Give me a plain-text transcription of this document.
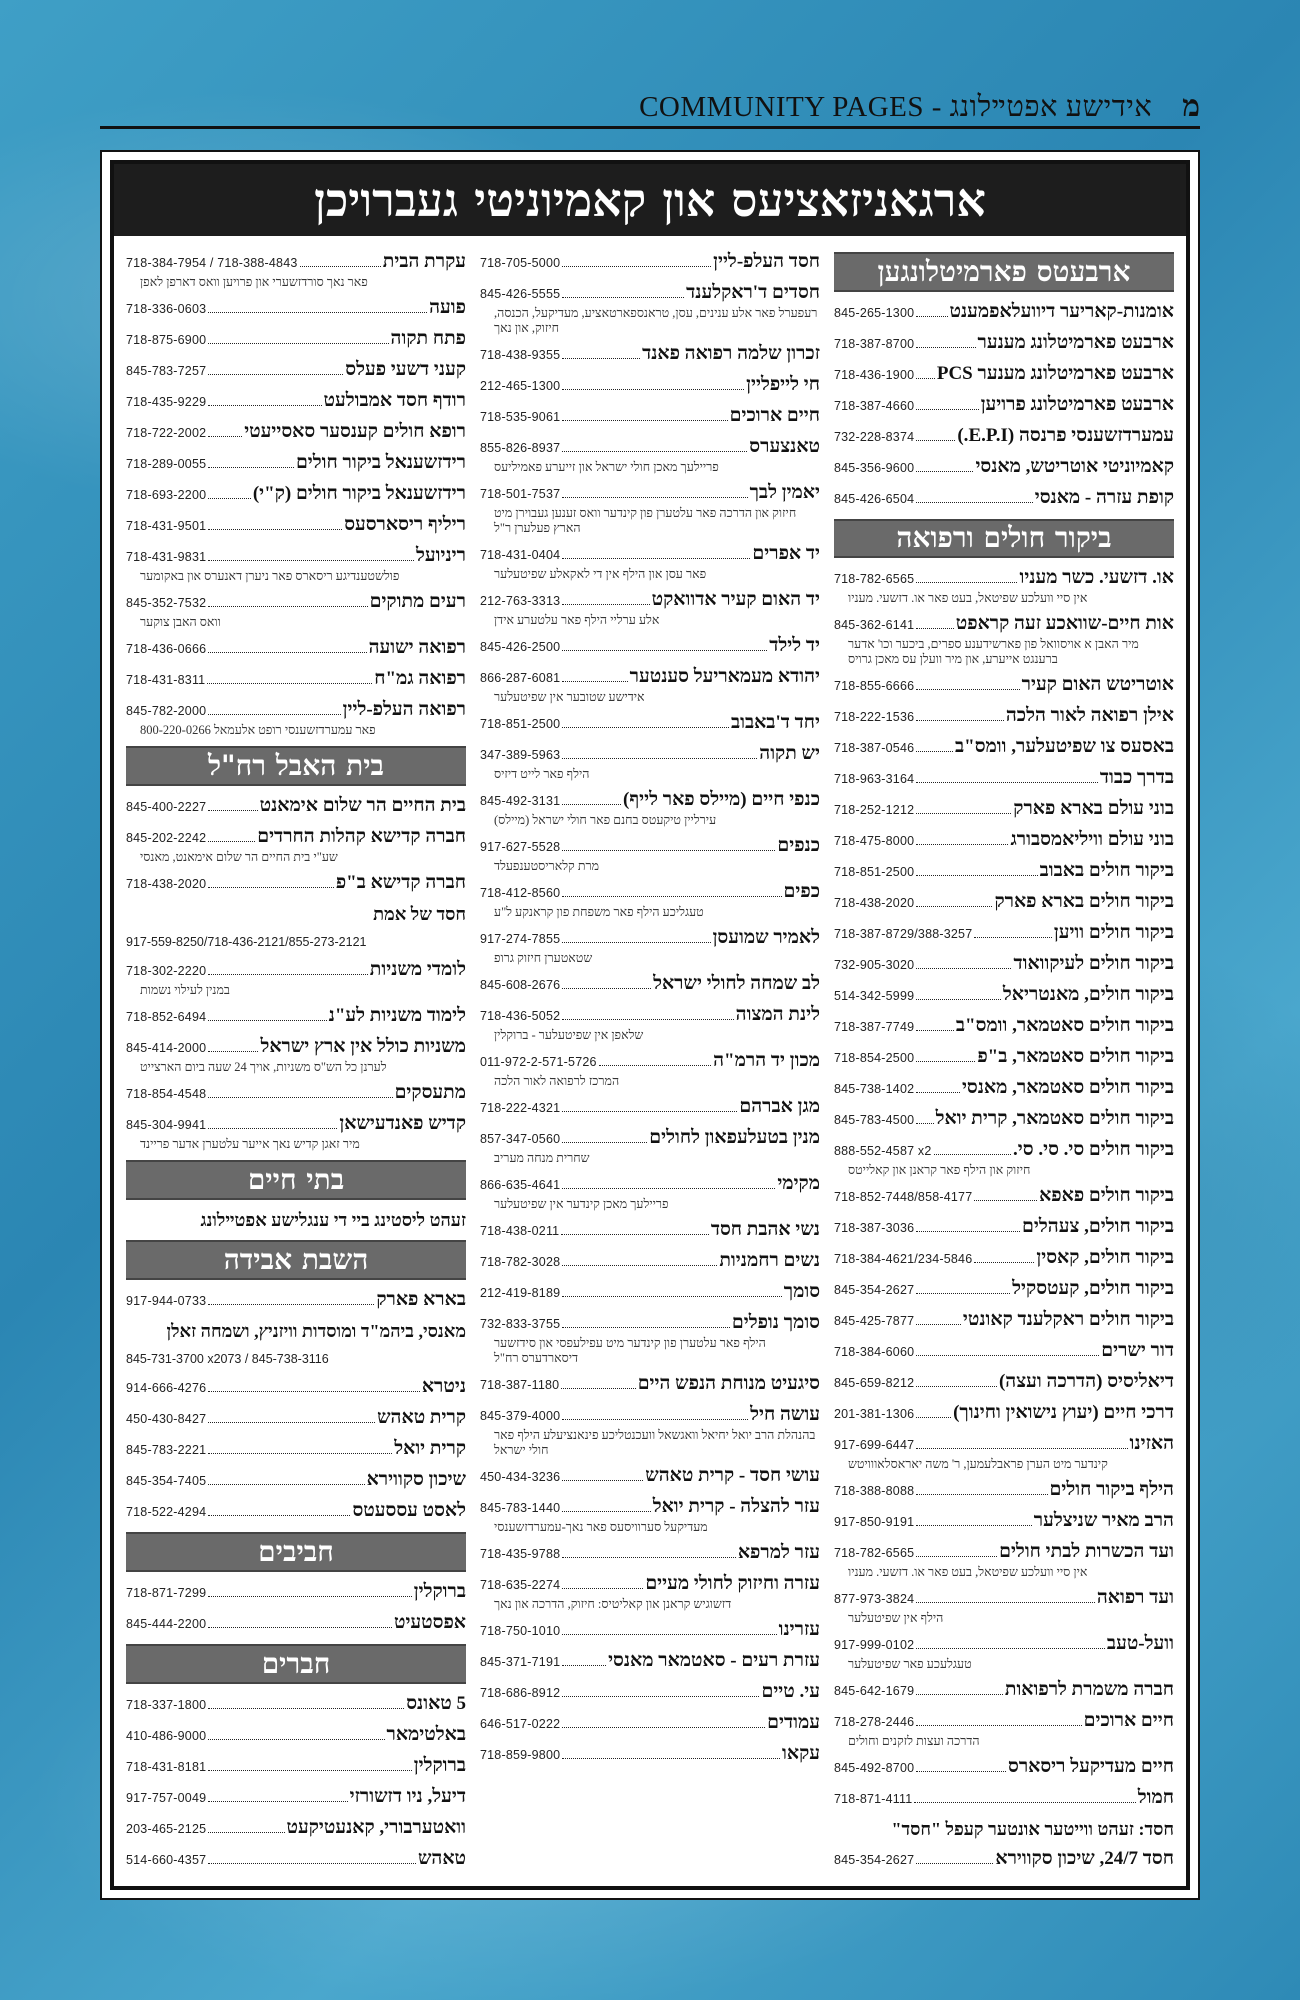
COMMUNITY PAGES - אידישע אפטײלונג מ
ארגאניזאציעס און קאמיוניטי געברויכן
ארבעטס פארמיטלונגען
אומנות-קאריער דיוועלאפמענט
845-265-1300
ארבעט פארמיטלונג מענער
718-387-8700
ארבעט פארמיטלונג מענער PCS
718-436-1900
ארבעט פארמיטלונג פרויען
718-387-4660
עמערדזשענסי פרנסה (E.P.I.)
732-228-8374
קאמיוניטי אוטריטש, מאנסי
845-356-9600
קופת עזרה - מאנסי
845-426-6504
ביקור חולים ורפואה
או. דזשעי. כשר מעניו
718-782-6565
אין סיי וועלכע שפיטאל, בעט פאר או. דזשעי. מעניו
אות חיים-שוואכע זעה קראפט
845-362-6141
מיר האבן א אויסוואל פון פארשידענע ספרים, ביכער וכו' אדער ברענגט אייערע, און מיר וועלן עס מאכן גרויס
אוטריטש האום קעיר
718-855-6666
אילן רפואה לאור הלכה
718-222-1536
באסעס צו שפיטעלער, וומס"ב
718-387-0546
בדרך כבוד
718-963-3164
בוני עולם בארא פארק
718-252-1212
בוני עולם וויליאמסבורג
718-475-8000
ביקור חולים באבוב
718-851-2500
ביקור חולים בארא פארק
718-438-2020
ביקור חולים וויען
718-387-8729/388-3257
ביקור חולים לעיקוואוד
732-905-3020
ביקור חולים, מאנטריאל
514-342-5999
ביקור חולים סאטמאר, וומס"ב
718-387-7749
ביקור חולים סאטמאר, ב"פ
718-854-2500
ביקור חולים סאטמאר, מאנסי
845-738-1402
ביקור חולים סאטמאר, קרית יואל
845-783-4500
ביקור חולים סי. סי. סי.
888-552-4587 x2
חיזוק און הילף פאר קראנן און קאלייטס
ביקור חולים פאפא
718-852-7448/858-4177
ביקור חולים, צעהלים
718-387-3036
ביקור חולים, קאסין
718-384-4621/234-5846
ביקור חולים, קעטסקיל
845-354-2627
ביקור חולים ראקלענד קאונטי
845-425-7877
דור ישרים
718-384-6060
דיאליסיס (הדרכה ועצה)
845-659-8212
דרכי חיים (יעוץ נישואין וחינוך)
201-381-1306
האזינו
917-699-6447
קינדער מיט הערן פראבלעמען, ר' משה יאראסלאווויטש
הילף ביקור חולים
718-388-8088
הרב מאיר שניצלער
917-850-9191
ועד הכשרות לבתי חולים
718-782-6565
אין סיי וועלכע שפיטאל, בעט פאר או. דזשעי. מעניו
ועד רפואה
877-973-3824
הילף אין שפיטעלער
וועל-טעב
917-999-0102
טעגלעכע פאר שפיטעלער
חברה משמרת לרפואות
845-642-1679
חיים ארוכים
718-278-2446
הדרכה ועצות לזקנים וחולים
חיים מעדיקעל ריסארס
845-492-8700
חמול
718-871-4111
חסד: זעהט ווייטער אונטער קעפל "חסד"
חסד 24/7, שיכון סקווירא
845-354-2627
חסד העלפ-ליין
718-705-5000
חסדים ד'ראקלענד
845-426-5555
רעפערל פאר אלע ענינים, עסן, טראנספארטאציע, מעדיקעל, הכנסה, חיזוק, און נאך
זכרון שלמה רפואה פאנד
718-438-9355
חי לייפליין
212-465-1300
חיים ארוכים
718-535-9061
טאנצערס
855-826-8937
פריילעך מאכן חולי ישראל און זייערע פאמיליעס
יאמין לבך
718-501-7537
חיזוק און הדרכה פאר עלטערן פון קינדער וואס זענען געבוירן מיט הארץ פעלערן ר"ל
יד אפרים
718-431-0404
פאר עסן און הילף אין די לאקאלע שפיטעלער
יד האום קעיר אדוואקט
212-763-3313
אלע ערליי הילף פאר עלטערע אידן
יד לילד
845-426-2500
יהודא מעמאריעל סענטער
866-287-6081
אידישע שטובער אין שפיטעלער
יחד ד'באבוב
718-851-2500
יש תקוה
347-389-5963
הילף פאר לייט דיזיס
כנפי חיים (מיילס פאר לייף)
845-492-3131
עירליין טיקעטס בחנם פאר חולי ישראל (מיילס)
כנפים
917-627-5528
מרת קלאריסטענפעלד
כפים
718-412-8560
טעגליכע הילף פאר משפחת פון קראנקע ל"ע
לאמיר שמועסן
917-274-7855
שטאטערן חיזוק גרופ
לב שמחה לחולי ישראל
845-608-2676
לינת המצוה
718-436-5052
שלאפן אין שפיטעלער - ברוקלין
מכון יד הרמ"ה
011-972-2-571-5726
המרכז לרפואה לאור הלכה
מגן אברהם
718-222-4321
מנין בטעלעפאון לחולים
857-347-0560
שחרית מנחה מעריב
מקימי
866-635-4641
פריילעך מאכן קינדער אין שפיטעלער
נשי אהבת חסד
718-438-0211
נשים רחמניות
718-782-3028
סומך
212-419-8189
סומך נופלים
732-833-3755
הילף פאר עלטערן פון קינדער מיט עפילעפסי און סידזשער דיסארדערס רח"ל
סיגעיט מנוחת הנפש היים
718-387-1180
עושה חיל
845-379-4000
בהנהלת הרב יואל יחיאל וואגשאל וועכנטליכע פינאנציעלע הילף פאר חולי ישראל
עושי חסד - קרית טאהש
450-434-3236
עזר להצלה - קרית יואל
845-783-1440
מעדיקעל סערוויסעס פאר נאך-עמערדזשענסי
עזר למרפא
718-435-9788
עזרה וחיזוק לחולי מעיים
718-635-2274
דזשוגיש קראנן און קאליטיס: חיזוק, הדרכה און נאך
עזרינו
718-750-1010
עזרת רעים - סאטמאר מאנסי
845-371-7191
עי. טיים
718-686-8912
עמודים
646-517-0222
עקאו
718-859-9800
עקרת הבית
718-384-7954 / 718-388-4843
פאר נאך סורדזשערי און פרויען וואס דארפן לאפן
פועה
718-336-0603
פתח תקוה
718-875-6900
קעני דשעי פעלס
845-783-7257
רודף חסד אמבולעט
718-435-9229
רופא חולים קענסער סאסייעטי
718-722-2002
רידזשענאל ביקור חולים
718-289-0055
רידזשענאל ביקור חולים (ק"י)
718-693-2200
ריליף ריסארסעס
718-431-9501
ריניועל
718-431-9831
פולשטענדיגע ריסארס פאר ניערן דאנערס און באקומער
רעים מתוקים
845-352-7532
וואס האבן צוקער
רפואה ישועה
718-436-0666
רפואה גמ"ח
718-431-8311
רפואה העלפ-ליין
845-782-2000
פאר עמערדזשענסי רופט אלעמאל 800-220-0266
בית האבל רח"ל
בית החיים הר שלום אימאנט
845-400-2227
חברה קדישא קהלות החרדים
845-202-2242
שע"י בית החיים הר שלום אימאנט, מאנסי
חברה קדישא ב"פ
718-438-2020
חסד של אמת
917-559-8250/718-436-2121/855-273-2121
לומדי משניות
718-302-2220
במנין לעילוי נשמות
לימוד משניות לע"נ
718-852-6494
משניות כולל אין ארץ ישראל
845-414-2000
לערנן כל הש"ס משניות, אויך 24 שעה ביום הארצייט
מתעסקים
718-854-4548
קדיש פאנדעישאן
845-304-9941
מיר זאגן קדיש נאך אייער עלטערן אדער פריינד
בתי חיים
זעהט ליסטינג ביי די ענגלישע אפטײלונג
השבת אבידה
בארא פארק
917-944-0733
מאנסי, ביהמ"ד ומוסדות וויזניץ, ושמחה זאלן
845-731-3700 x2073 / 845-738-3116
ניטרא
914-666-4276
קרית טאהש
450-430-8427
קרית יואל
845-783-2221
שיכון סקווירא
845-354-7405
לאסט עססעטס
718-522-4294
חביבים
ברוקלין
718-871-7299
אפסטעיט
845-444-2200
חברים
5 טאונס
718-337-1800
באלטימאר
410-486-9000
ברוקלין
718-431-8181
דיעל, ניו דזשורזי
917-757-0049
וואטערבורי, קאנעטיקעט
203-465-2125
טאהש
514-660-4357
